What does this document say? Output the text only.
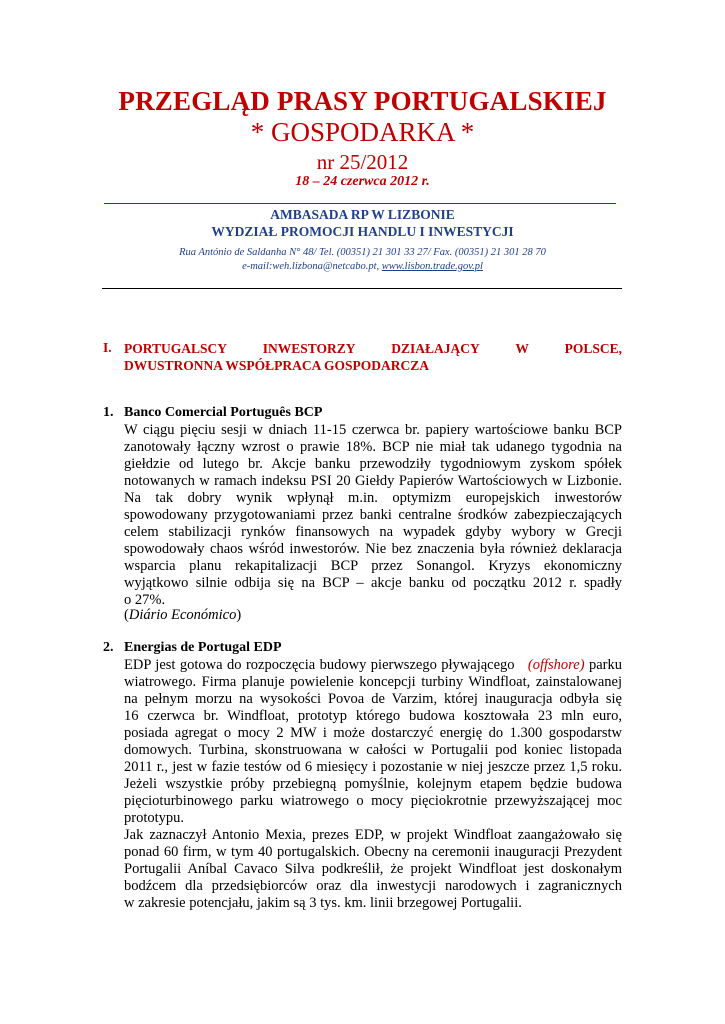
PRZEGLĄD PRASY PORTUGALSKIEJ
* GOSPODARKA *
nr 25/2012
18 – 24 czerwca 2012 r.
AMBASADA RP W LIZBONIE
WYDZIAŁ PROMOCJI HANDLU I INWESTYCJI
Rua António de Saldanha N° 48/ Tel. (00351) 21 301 33 27/ Fax. (00351) 21 301 28 70
e-mail:weh.lizbona@netcabo.pt, www.lisbon.trade.gov.pl
I. PORTUGALSCY	INWESTORZY	DZIAŁAJĄCY	W	POLSCE,
DWUSTRONNA WSPÓŁPRACA GOSPODARCZA
1. Banco Comercial Português BCP
W ciągu pięciu sesji w dniach 11-15 czerwca br. papiery wartościowe banku BCP
zanotowały łączny wzrost o prawie 18%. BCP nie miał tak udanego tygodnia na
giełdzie od lutego br. Akcje banku przewodziły tygodniowym zyskom spółek
notowanych w ramach indeksu PSI 20 Giełdy Papierów Wartościowych w Lizbonie.
Na tak dobry wynik wpłynął m.in. optymizm europejskich inwestorów
spowodowany przygotowaniami przez banki centralne środków zabezpieczających
celem stabilizacji rynków finansowych na wypadek gdyby wybory w Grecji
spowodowały chaos wśród inwestorów. Nie bez znaczenia była również deklaracja
wsparcia planu rekapitalizacji BCP przez Sonangol. Kryzys ekonomiczny
wyjątkowo silnie odbija się na BCP – akcje banku od początku 2012 r. spadły
o 27%.
(Diário Económico)
2. Energias de Portugal EDP
EDP jest gotowa do rozpoczęcia budowy pierwszego pływającego (offshore) parku
wiatrowego. Firma planuje powielenie koncepcji turbiny Windfloat, zainstalowanej
na pełnym morzu na wysokości Povoa de Varzim, której inauguracja odbyła się
16 czerwca br. Windfloat, prototyp którego budowa kosztowała 23 mln euro,
posiada agregat o mocy 2 MW i może dostarczyć energię do 1.300 gospodarstw
domowych. Turbina, skonstruowana w całości w Portugalii pod koniec listopada
2011 r., jest w fazie testów od 6 miesięcy i pozostanie w niej jeszcze przez 1,5 roku.
Jeżeli wszystkie próby przebiegną pomyślnie, kolejnym etapem będzie budowa
pięcioturbinowego parku wiatrowego o mocy pięciokrotnie przewyższającej moc
prototypu.
Jak zaznaczył Antonio Mexia, prezes EDP, w projekt Windfloat zaangażowało się
ponad 60 firm, w tym 40 portugalskich. Obecny na ceremonii inauguracji Prezydent
Portugalii Aníbal Cavaco Silva podkreślił, że projekt Windfloat jest doskonałym
bodźcem dla przedsiębiorców oraz dla inwestycji narodowych i zagranicznych
w zakresie potencjału, jakim są 3 tys. km. linii brzegowej Portugalii.
